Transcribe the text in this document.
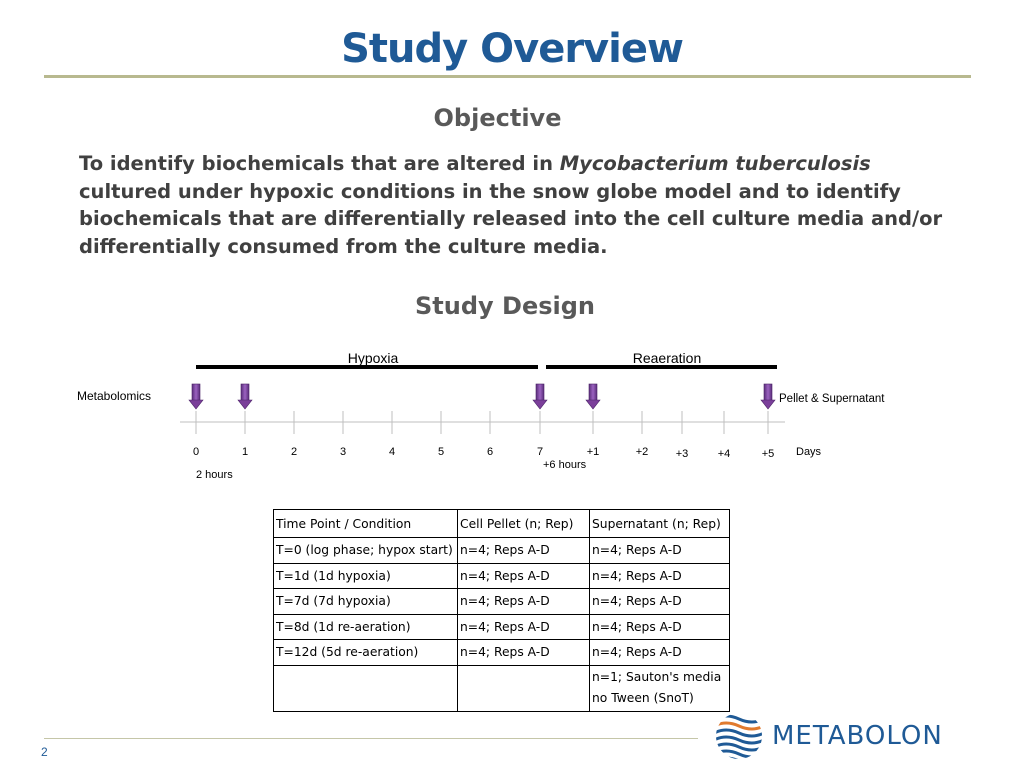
Study Overview
Objective
To identify biochemicals that are altered in Mycobacterium tuberculosis cultured under hypoxic conditions in the snow globe model and to identify biochemicals that are differentially released into the cell culture media and/or differentially consumed from the culture media.
Study Design
Hypoxia	Reaeration
Metabolomics	Pellet & Supernatant
0	1	2	3	4	5	6	7	+1	+2 +3	+4	+5 Days
2 hours
+6 hours
Time Point / Condition	Cell Pellet (n; Rep)	Supernatant (n; Rep)
T=0 (log phase; hypox start)	n=4; Reps A-D	n=4; Reps A-D
T=1d (1d hypoxia)	n=4; Reps A-D	n=4; Reps A-D
T=7d (7d hypoxia)	n=4; Reps A-D	n=4; Reps A-D
T=8d (1d re-aeration)	n=4; Reps A-D	n=4; Reps A-D
T=12d (5d re-aeration)	n=4; Reps A-D	n=4; Reps A-D
		n=1; Sauton's media no Tween (SnoT)
2
METABOLON
